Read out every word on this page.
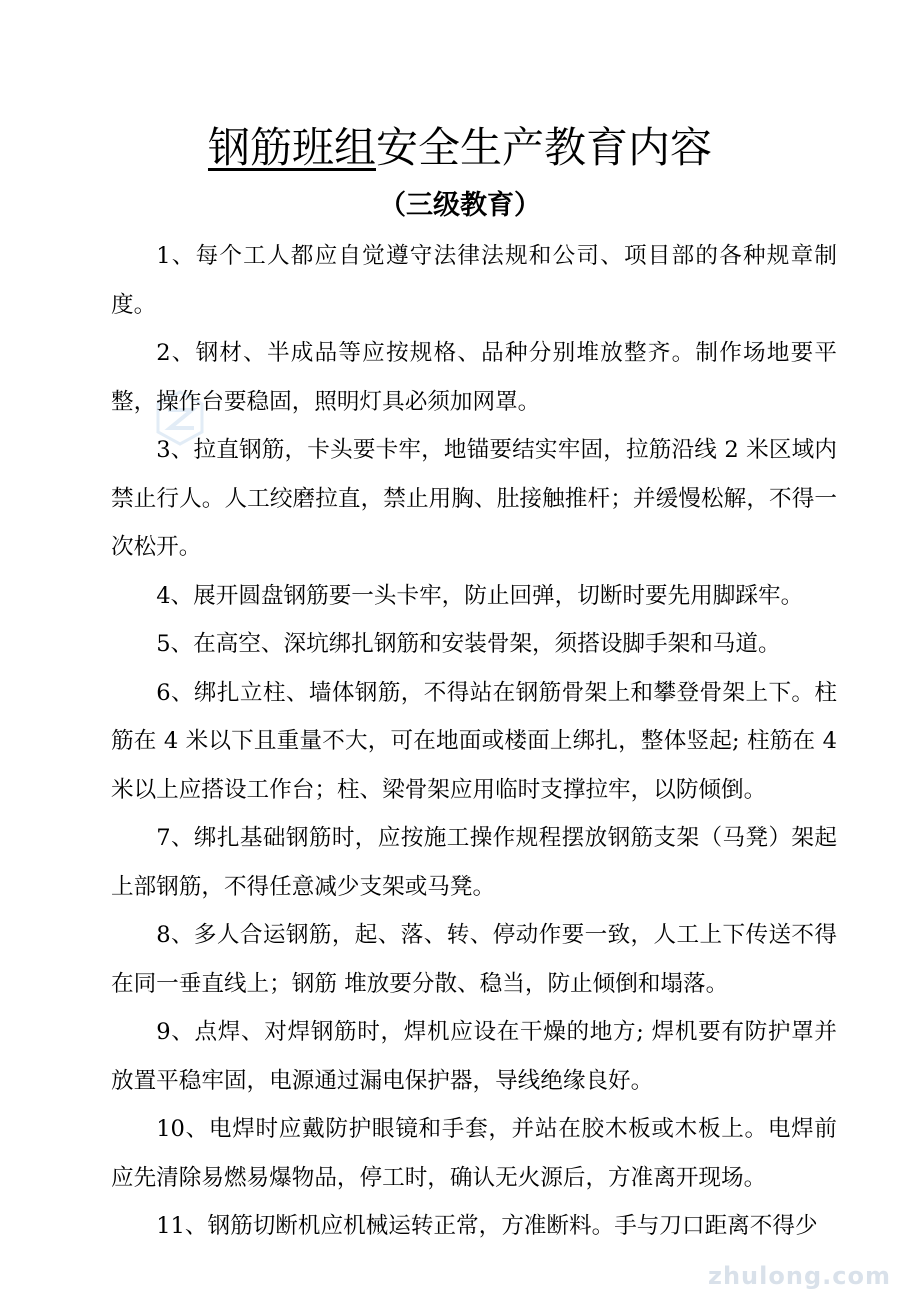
钢筋班组安全生产教育内容
（三级教育）

1、每个工人都应自觉遵守法律法规和公司、项目部的各种规章制度。

2、钢材、半成品等应按规格、品种分别堆放整齐。制作场地要平整，操作台要稳固，照明灯具必须加网罩。

3、拉直钢筋，卡头要卡牢，地锚要结实牢固，拉筋沿线 2 米区域内禁止行人。人工绞磨拉直，禁止用胸、肚接触推杆；并缓慢松解，不得一次松开。

4、展开圆盘钢筋要一头卡牢，防止回弹，切断时要先用脚踩牢。

5、在高空、深坑绑扎钢筋和安装骨架，须搭设脚手架和马道。

6、绑扎立柱、墙体钢筋，不得站在钢筋骨架上和攀登骨架上下。柱筋在 4 米以下且重量不大，可在地面或楼面上绑扎，整体竖起; 柱筋在 4 米以上应搭设工作台；柱、梁骨架应用临时支撑拉牢，以防倾倒。

7、绑扎基础钢筋时，应按施工操作规程摆放钢筋支架（马凳）架起上部钢筋，不得任意减少支架或马凳。

8、多人合运钢筋，起、落、转、停动作要一致，人工上下传送不得在同一垂直线上；钢筋 堆放要分散、稳当，防止倾倒和塌落。

9、点焊、对焊钢筋时，焊机应设在干燥的地方; 焊机要有防护罩并放置平稳牢固，电源通过漏电保护器，导线绝缘良好。

10、电焊时应戴防护眼镜和手套，并站在胶木板或木板上。电焊前应先清除易燃易爆物品，停工时，确认无火源后，方准离开现场。

11、钢筋切断机应机械运转正常，方准断料。手与刀口距离不得少

zhulong.com
